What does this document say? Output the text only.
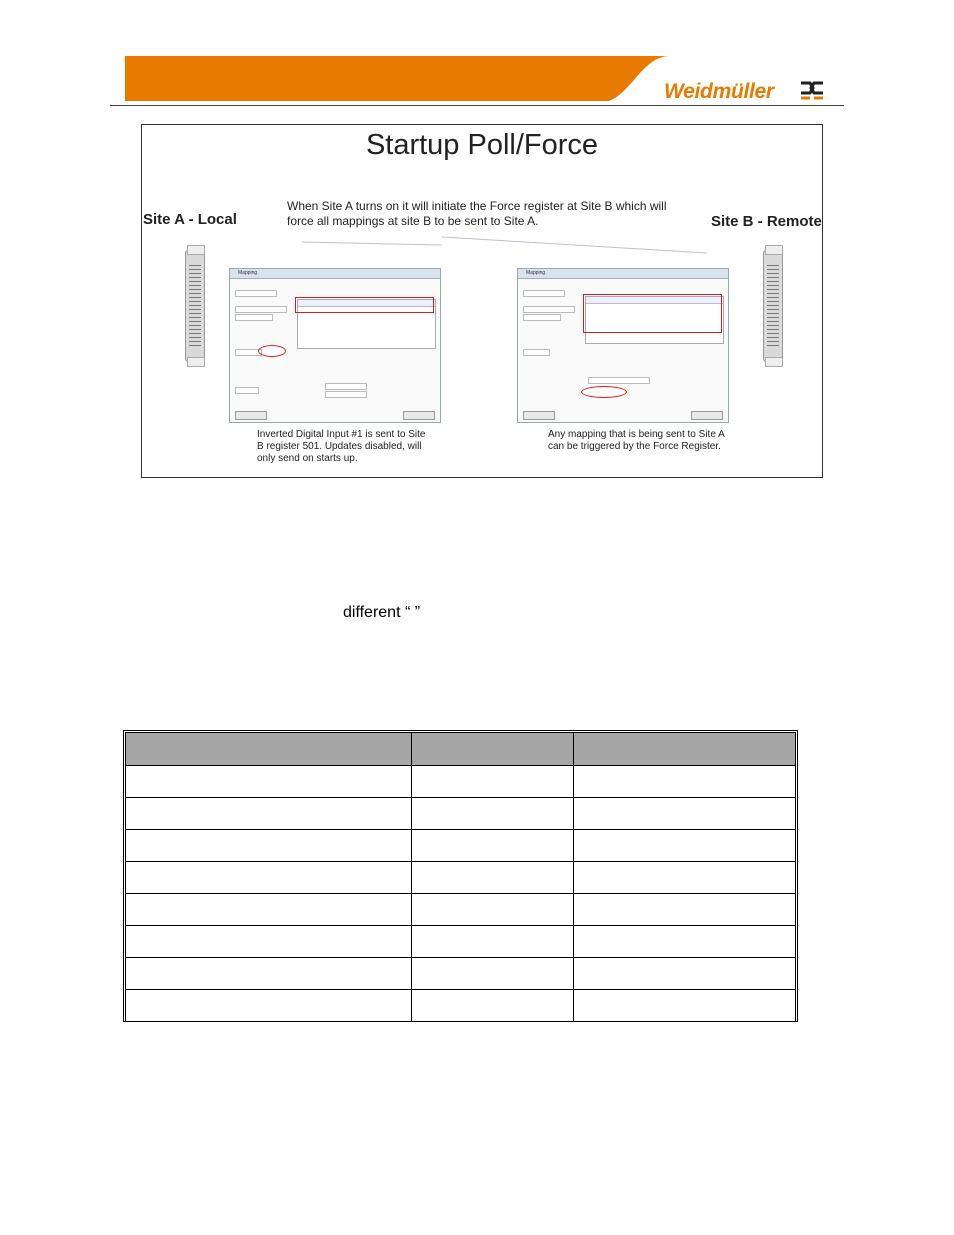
Weidmüller
Startup Poll/Force
When Site A turns on it will initiate the Force register at Site B which will force all mappings at site B to be sent to Site A.
Site A - Local	Site B - Remote
Mapping	Mapping
Inverted Digital Input #1 is sent to Site B register 501. Updates disabled, will only send on starts up.
Any mapping that is being sent to Site A can be triggered by the Force Register.
different “ ”
